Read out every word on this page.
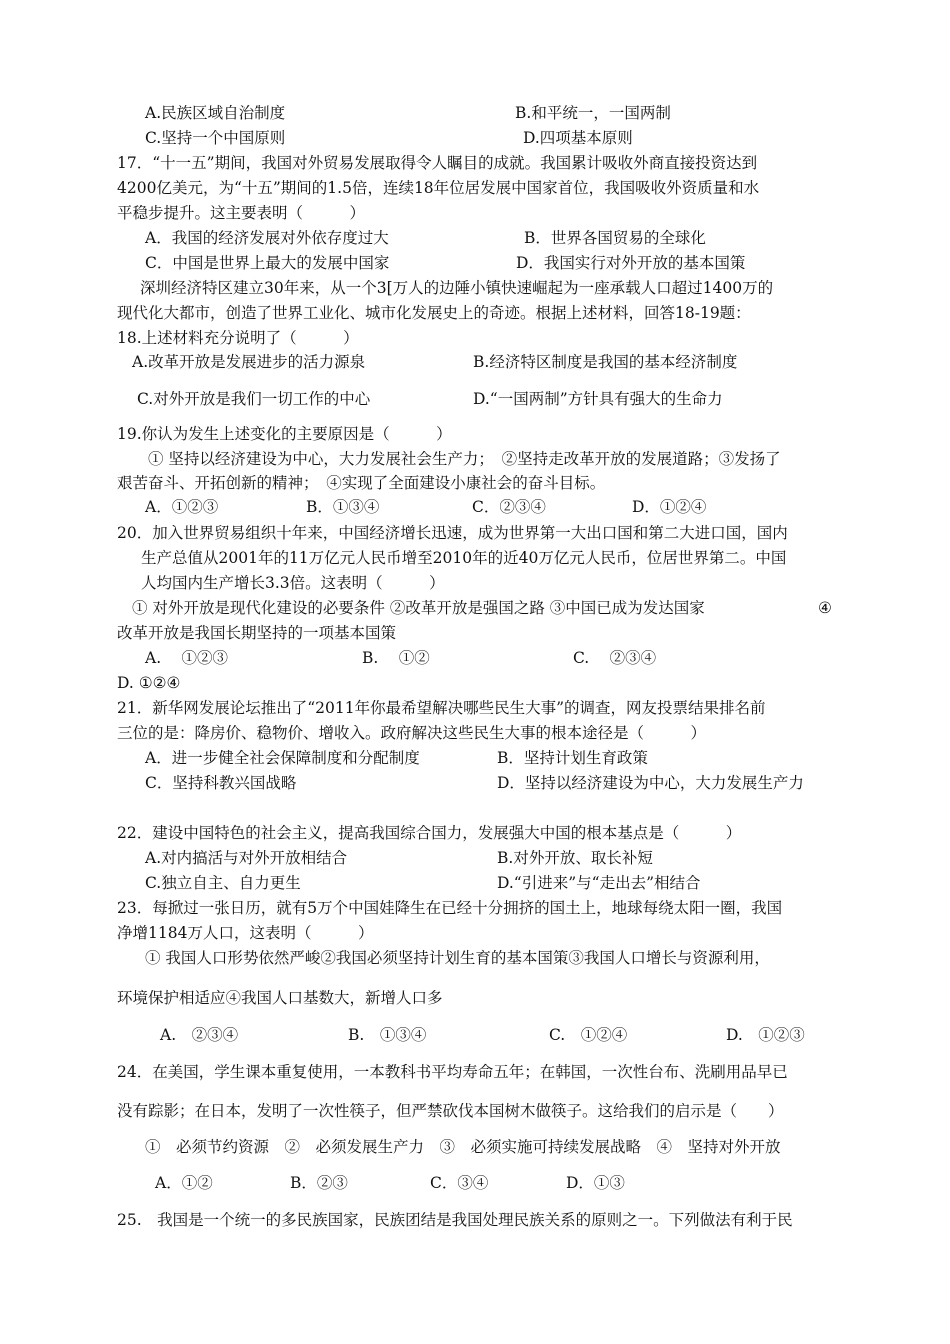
A.民族区域自治制度	B.和平统一，一国两制
C.坚持一个中国原则	D.四项基本原则
17．“十一五”期间，我国对外贸易发展取得令人瞩目的成就。我国累计吸收外商直接投资达到
4200亿美元，为“十五”期间的1.5倍，连续18年位居发展中国家首位，我国吸收外资质量和水
平稳步提升。这主要表明（　　　）
A．我国的经济发展对外依存度过大	B．世界各国贸易的全球化
C．中国是世界上最大的发展中国家	D．我国实行对外开放的基本国策
深圳经济特区建立30年来，从一个3[万人的边陲小镇快速崛起为一座承载人口超过1400万的
现代化大都市，创造了世界工业化、城市化发展史上的奇迹。根据上述材料，回答18-19题：
18.上述材料充分说明了（　　　）
A.改革开放是发展进步的活力源泉	B.经济特区制度是我国的基本经济制度
C.对外开放是我们一切工作的中心	D.“一国两制”方针具有强大的生命力
19.你认为发生上述变化的主要原因是（　　　）
① 坚持以经济建设为中心，大力发展社会生产力；　②坚持走改革开放的发展道路；③发扬了
艰苦奋斗、开拓创新的精神；　④实现了全面建设小康社会的奋斗目标。
A．①②③	B．①③④	C．②③④	D．①②④
20．加入世界贸易组织十年来，中国经济增长迅速，成为世界第一大出口国和第二大进口国，国内
生产总值从2001年的11万亿元人民币增至2010年的近40万亿元人民币，位居世界第二。中国
人均国内生产增长3.3倍。这表明（　　　）
① 对外开放是现代化建设的必要条件 ②改革开放是强国之路 ③中国已成为发达国家	④
改革开放是我国长期坚持的一项基本国策
A.　 ①②③	B.　 ①②	C.　 ②③④
D. ①②④
21．新华网发展论坛推出了“2011年你最希望解决哪些民生大事”的调查，网友投票结果排名前
三位的是：降房价、稳物价、增收入。政府解决这些民生大事的根本途径是（　　　）
A．进一步健全社会保障制度和分配制度	B．坚持计划生育政策
C．坚持科教兴国战略	D．坚持以经济建设为中心，大力发展生产力
22．建设中国特色的社会主义，提高我国综合国力，发展强大中国的根本基点是（　　　）
A.对内搞活与对外开放相结合	B.对外开放、取长补短
C.独立自主、自力更生	D.“引进来”与“走出去”相结合
23．每掀过一张日历，就有5万个中国娃降生在已经十分拥挤的国土上，地球每绕太阳一圈，我国
净增1184万人口，这表明（　　　）
① 我国人口形势依然严峻②我国必须坚持计划生育的基本国策③我国人口增长与资源利用，
环境保护相适应④我国人口基数大，新增人口多
A.　②③④	B.　①③④	C.　①②④	D.　①②③
24．在美国，学生课本重复使用，一本教科书平均寿命五年；在韩国，一次性台布、洗刷用品早已
没有踪影；在日本，发明了一次性筷子，但严禁砍伐本国树木做筷子。这给我们的启示是（　　）
①　必须节约资源　②　必须发展生产力　③　必须实施可持续发展战略　④　坚持对外开放
A．①②	B．②③	C．③④	D．①③
25.　我国是一个统一的多民族国家，民族团结是我国处理民族关系的原则之一。下列做法有利于民
